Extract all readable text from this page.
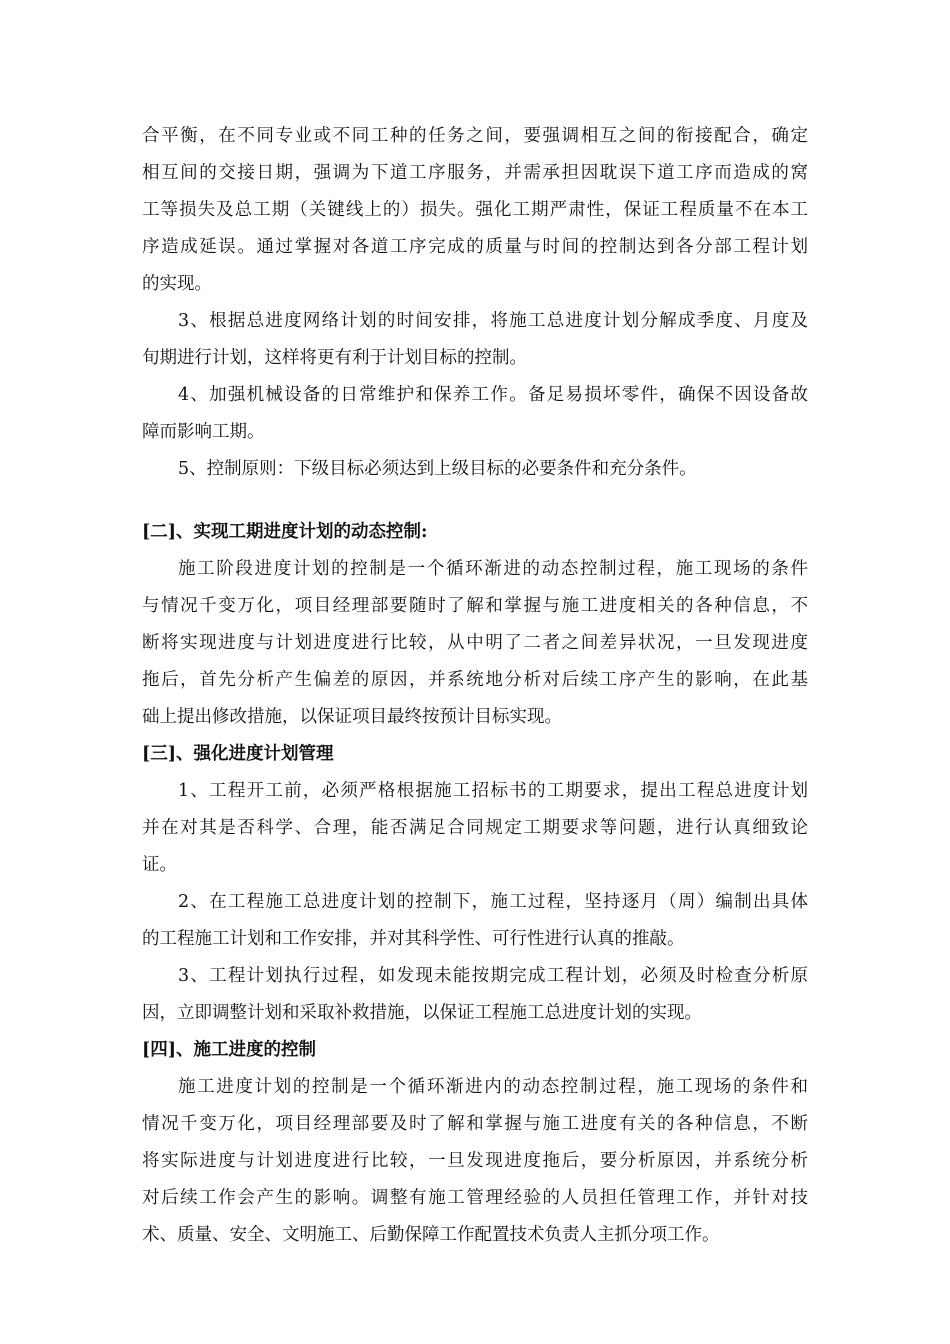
合平衡，在不同专业或不同工种的任务之间，要强调相互之间的衔接配合，确定
相互间的交接日期，强调为下道工序服务，并需承担因耽误下道工序而造成的窝
工等损失及总工期（关键线上的）损失。强化工期严肃性，保证工程质量不在本工
序造成延误。通过掌握对各道工序完成的质量与时间的控制达到各分部工程计划
的实现。
3、根据总进度网络计划的时间安排，将施工总进度计划分解成季度、月度及
旬期进行计划，这样将更有利于计划目标的控制。
4、加强机械设备的日常维护和保养工作。备足易损坏零件，确保不因设备故
障而影响工期。
5、控制原则：下级目标必须达到上级目标的必要条件和充分条件。
[二]、实现工期进度计划的动态控制:
施工阶段进度计划的控制是一个循环渐进的动态控制过程，施工现场的条件
与情况千变万化，项目经理部要随时了解和掌握与施工进度相关的各种信息，不
断将实现进度与计划进度进行比较，从中明了二者之间差异状况，一旦发现进度
拖后，首先分析产生偏差的原因，并系统地分析对后续工序产生的影响，在此基
础上提出修改措施，以保证项目最终按预计目标实现。
[三]、强化进度计划管理
1、工程开工前，必须严格根据施工招标书的工期要求，提出工程总进度计划
并在对其是否科学、合理，能否满足合同规定工期要求等问题，进行认真细致论
证。
2、在工程施工总进度计划的控制下，施工过程，坚持逐月（周）编制出具体
的工程施工计划和工作安排，并对其科学性、可行性进行认真的推敲。
3、工程计划执行过程，如发现未能按期完成工程计划，必须及时检查分析原
因，立即调整计划和采取补救措施，以保证工程施工总进度计划的实现。
[四]、施工进度的控制
施工进度计划的控制是一个循环渐进内的动态控制过程，施工现场的条件和
情况千变万化，项目经理部要及时了解和掌握与施工进度有关的各种信息，不断
将实际进度与计划进度进行比较，一旦发现进度拖后，要分析原因，并系统分析
对后续工作会产生的影响。调整有施工管理经验的人员担任管理工作，并针对技
术、质量、安全、文明施工、后勤保障工作配置技术负责人主抓分项工作。
